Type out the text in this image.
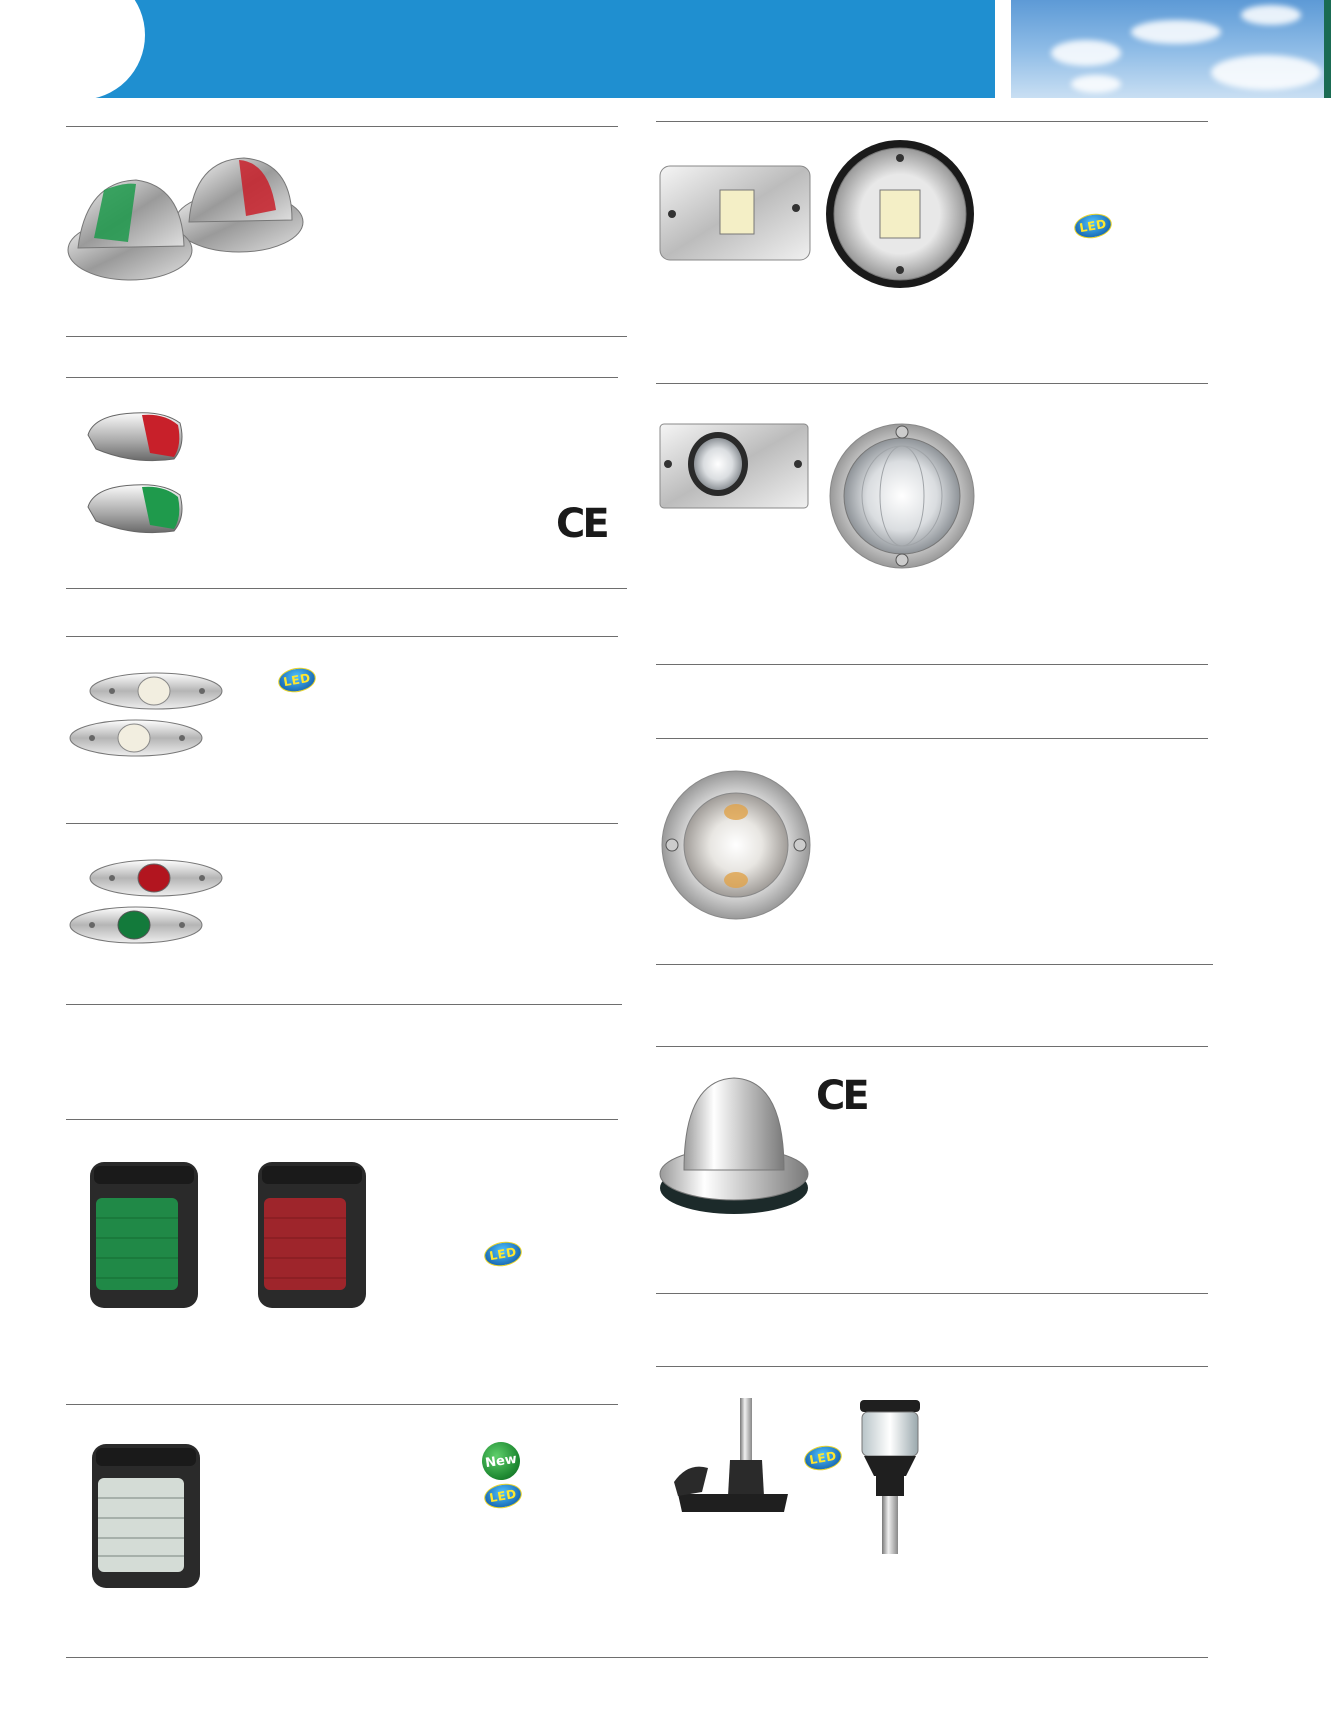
CE
LED
LED
New
LED
LED
CE
LED
